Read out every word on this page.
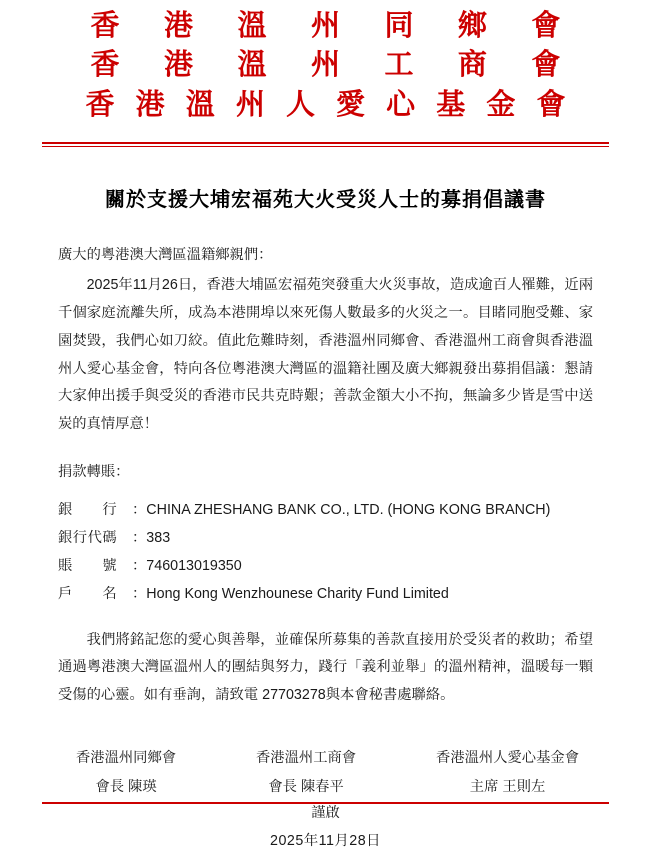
香 港 溫 州 同 鄉 會
香 港 溫 州 工 商 會
香 港 溫 州 人 愛 心 基 金 會
關於支援大埔宏福苑大火受災人士的募捐倡議書

廣大的粵港澳大灣區溫籍鄉親們：

2025年11月26日，香港大埔區宏福苑突發重大火災事故，造成逾百人罹難，近兩千個家庭流離失所，成為本港開埠以來死傷人數最多的火災之一。目睹同胞受難、家園焚毀，我們心如刀絞。值此危難時刻，香港溫州同鄉會、香港溫州工商會與香港溫州人愛心基金會，特向各位粵港澳大灣區的溫籍社團及廣大鄉親發出募捐倡議：懇請大家伸出援手與受災的香港市民共克時艱；善款金額大小不拘，無論多少皆是雪中送炭的真情厚意！

捐款轉賬：

銀　　行	： CHINA ZHESHANG BANK CO., LTD. (HONG KONG BRANCH)
銀行代碼	： 383
賬　　號	： 746013019350
戶　　名	： Hong Kong Wenzhounese Charity Fund Limited

我們將銘記您的愛心與善舉，並確保所募集的善款直接用於受災者的救助；希望通過粵港澳大灣區溫州人的團結與努力，踐行「義利並舉」的溫州精神，溫暖每一顆受傷的心靈。如有垂詢，請致電 27703278與本會秘書處聯絡。

香港溫州同鄉會
會長 陳瑛
香港溫州工商會
會長 陳春平
香港溫州人愛心基金會
主席 王則左
謹啟
2025年11月28日
